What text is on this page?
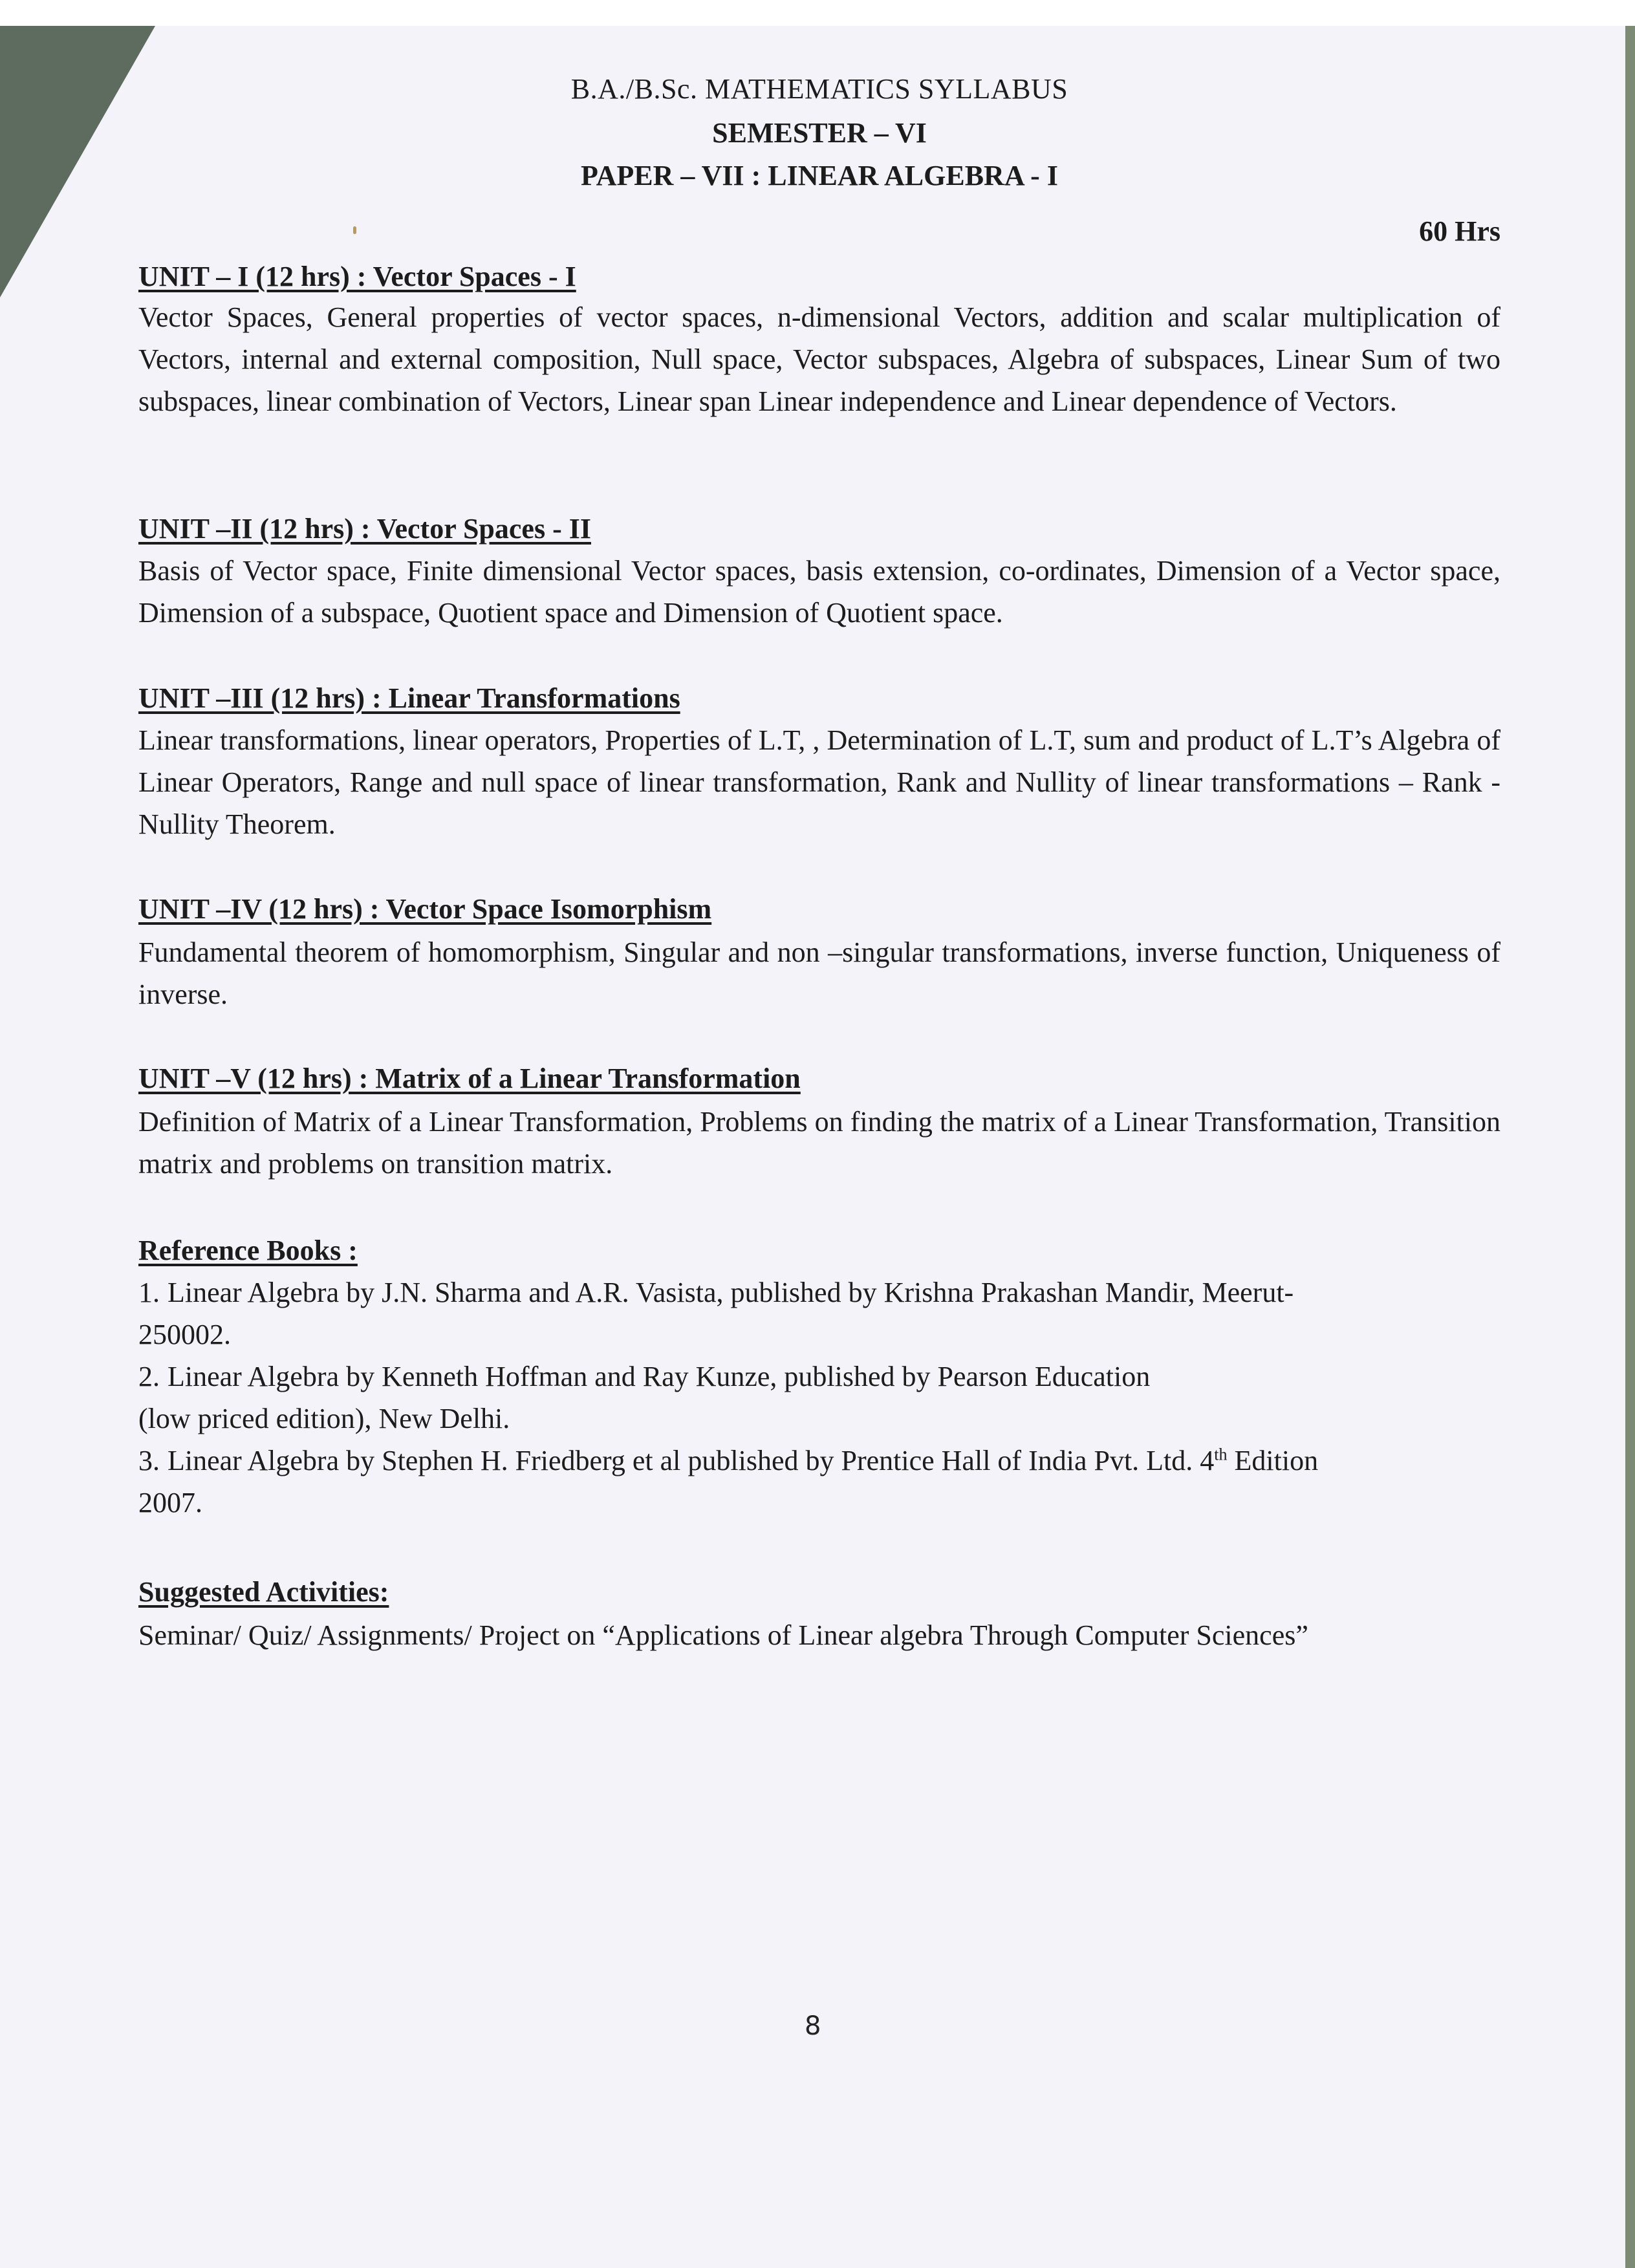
B.A./B.Sc. MATHEMATICS SYLLABUS
SEMESTER – VI
PAPER – VII : LINEAR ALGEBRA - I
60 Hrs
UNIT – I (12 hrs) : Vector Spaces - I
Vector Spaces, General properties of vector spaces, n-dimensional Vectors, addition and scalar multiplication of Vectors, internal and external composition, Null space, Vector subspaces, Algebra of subspaces, Linear Sum of two subspaces, linear combination of Vectors, Linear span Linear independence and Linear dependence of Vectors.
UNIT –II (12 hrs) : Vector Spaces - II
Basis of Vector space, Finite dimensional Vector spaces, basis extension, co-ordinates, Dimension of a Vector space, Dimension of a subspace, Quotient space and Dimension of Quotient space.
UNIT –III (12 hrs) : Linear Transformations
Linear transformations, linear operators, Properties of L.T, , Determination of L.T, sum and product of L.T’s Algebra of Linear Operators, Range and null space of linear transformation, Rank and Nullity of linear transformations – Rank -Nullity Theorem.
UNIT –IV (12 hrs) : Vector Space Isomorphism
Fundamental theorem of homomorphism, Singular and non –singular transformations, inverse function, Uniqueness of inverse.
UNIT –V (12 hrs) : Matrix of a Linear Transformation
Definition of Matrix of a Linear Transformation, Problems on finding the matrix of a Linear Transformation, Transition matrix and problems on transition matrix.
Reference Books :
1. Linear Algebra by J.N. Sharma and A.R. Vasista, published by Krishna Prakashan Mandir, Meerut-
250002.
2. Linear Algebra by Kenneth Hoffman and Ray Kunze, published by Pearson Education
(low priced edition), New Delhi.
3. Linear Algebra by Stephen H. Friedberg et al published by Prentice Hall of India Pvt. Ltd. 4th Edition
2007.
Suggested Activities:
Seminar/ Quiz/ Assignments/ Project on “Applications of Linear algebra Through Computer Sciences”
8
